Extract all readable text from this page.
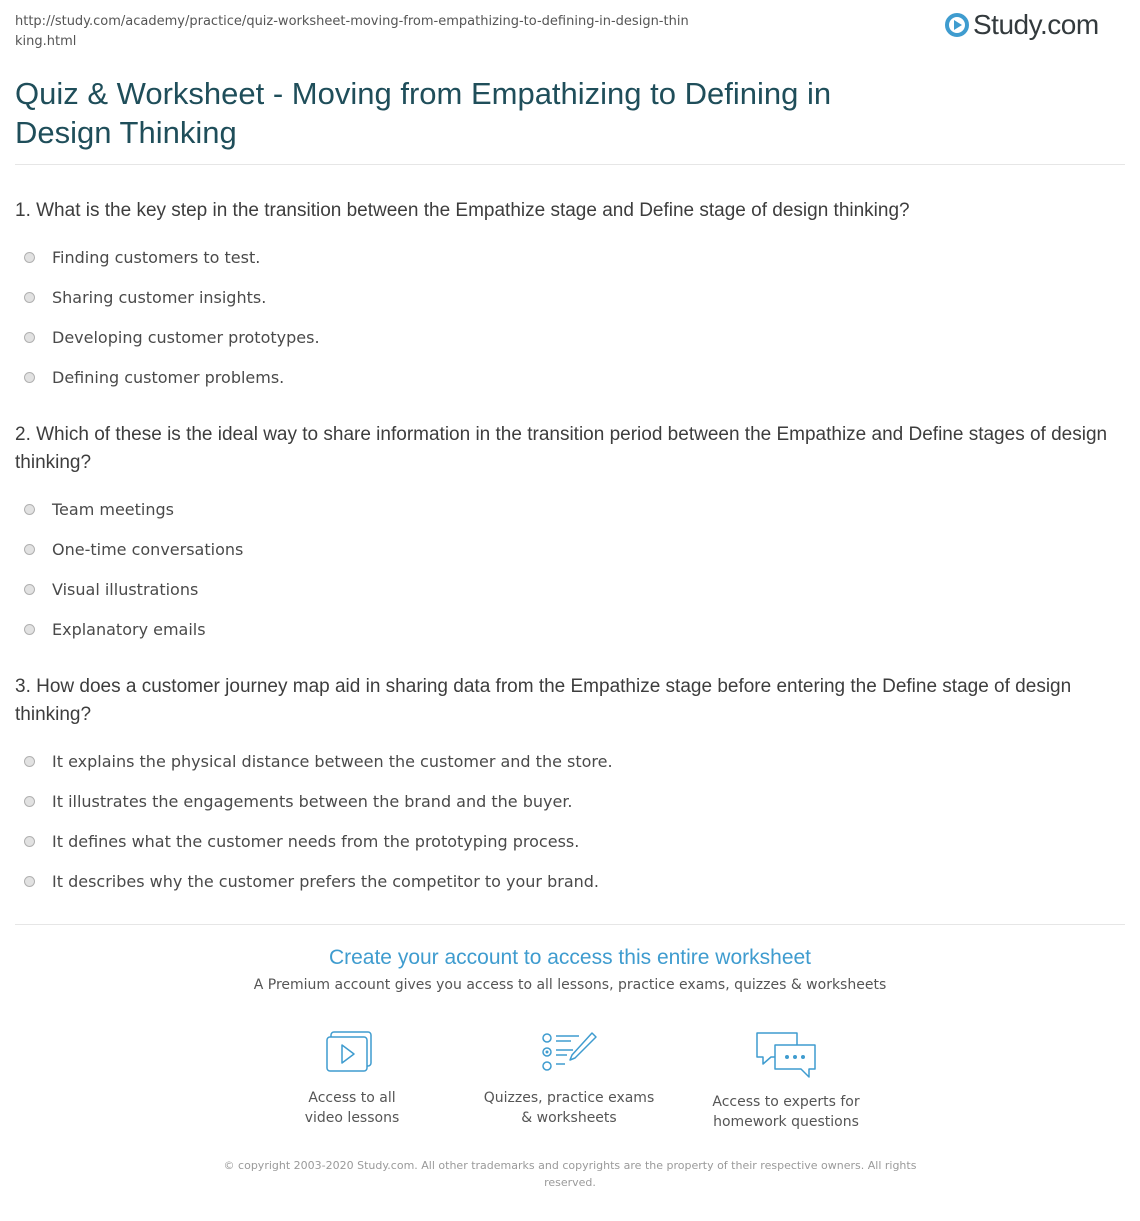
http://study.com/academy/practice/quiz-worksheet-moving-from-empathizing-to-defining-in-design-thinking.html
Study.com
Quiz & Worksheet - Moving from Empathizing to Defining in Design Thinking

1. What is the key step in the transition between the Empathize stage and Define stage of design thinking?

Finding customers to test.
Sharing customer insights.
Developing customer prototypes.
Defining customer problems.

2. Which of these is the ideal way to share information in the transition period between the Empathize and Define stages of design thinking?

Team meetings
One-time conversations
Visual illustrations
Explanatory emails

3. How does a customer journey map aid in sharing data from the Empathize stage before entering the Define stage of design thinking?

It explains the physical distance between the customer and the store.
It illustrates the engagements between the brand and the buyer.
It defines what the customer needs from the prototyping process.
It describes why the customer prefers the competitor to your brand.
Create your account to access this entire worksheet
A Premium account gives you access to all lessons, practice exams, quizzes & worksheets
Access to all
video lessons
Quizzes, practice exams
& worksheets
Access to experts for
homework questions
© copyright 2003-2020 Study.com. All other trademarks and copyrights are the property of their respective owners. All rights reserved.
